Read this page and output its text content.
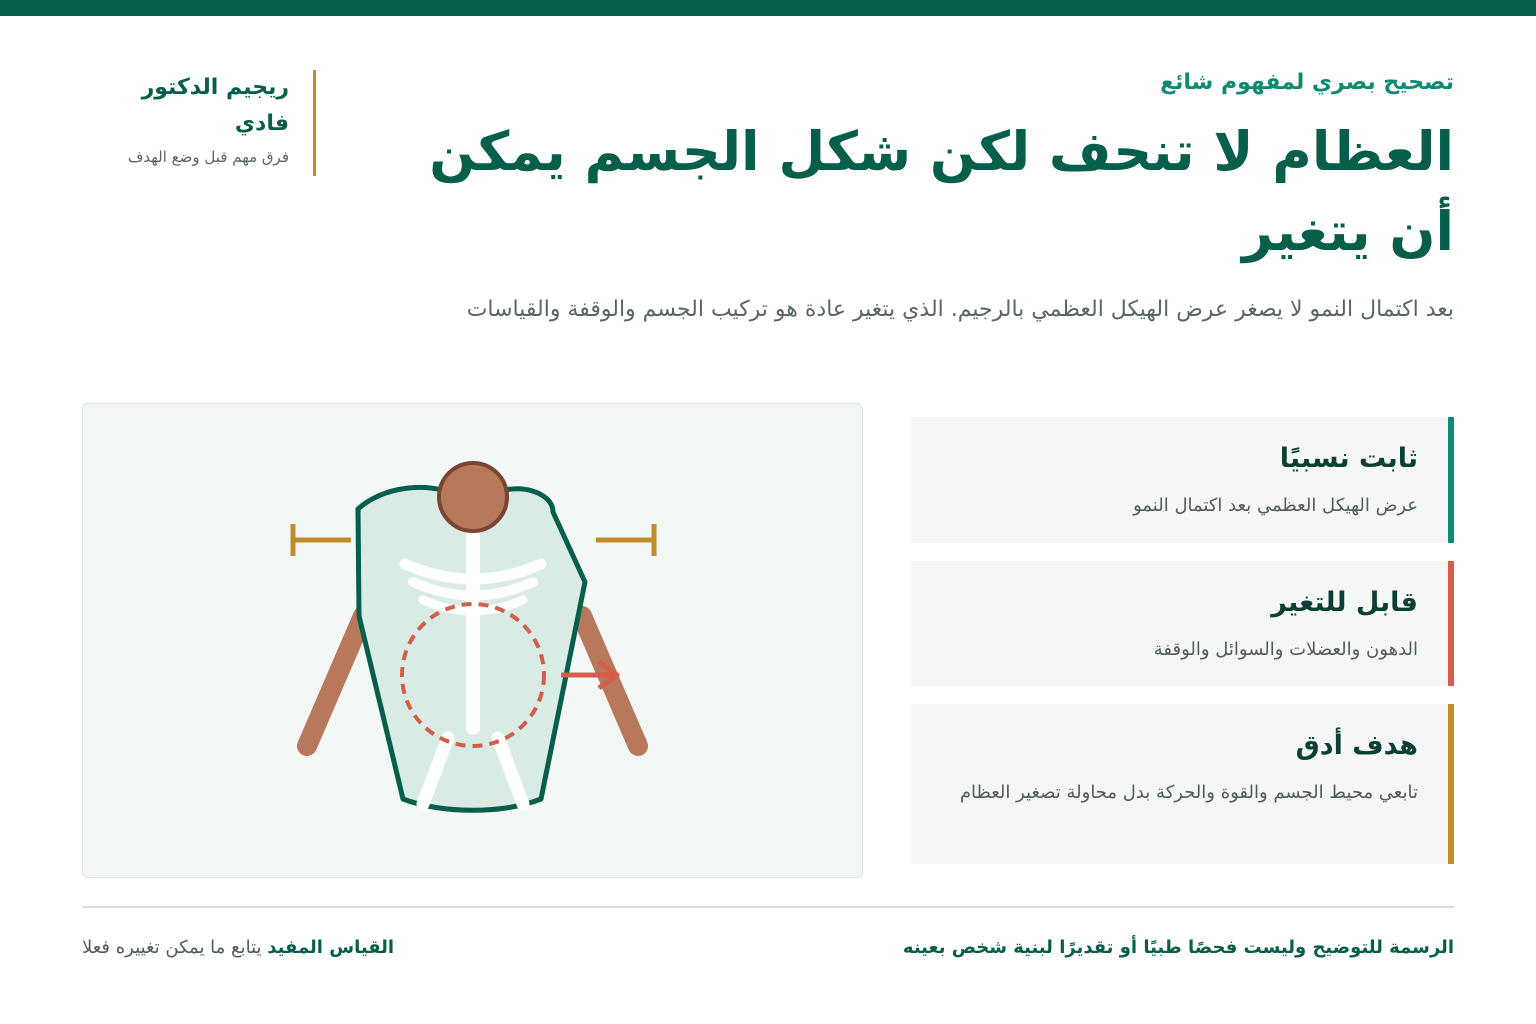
تصحيح بصري لمفهوم شائع
العظام لا تنحف لكن شكل الجسم يمكن أن يتغير
بعد اكتمال النمو لا يصغر عرض الهيكل العظمي بالرجيم. الذي يتغير عادة هو تركيب الجسم والوقفة والقياسات
ريجيم الدكتور فادي
فرق مهم قبل وضع الهدف
ثابت نسبيًا
عرض الهيكل العظمي بعد اكتمال النمو
قابل للتغير
الدهون والعضلات والسوائل والوقفة
هدف أدق
تابعي محيط الجسم والقوة والحركة بدل محاولة تصغير العظام
الرسمة للتوضيح وليست فحصًا طبيًا أو تقديرًا لبنية شخص بعينه
القياس المفيد يتابع ما يمكن تغييره فعلا
